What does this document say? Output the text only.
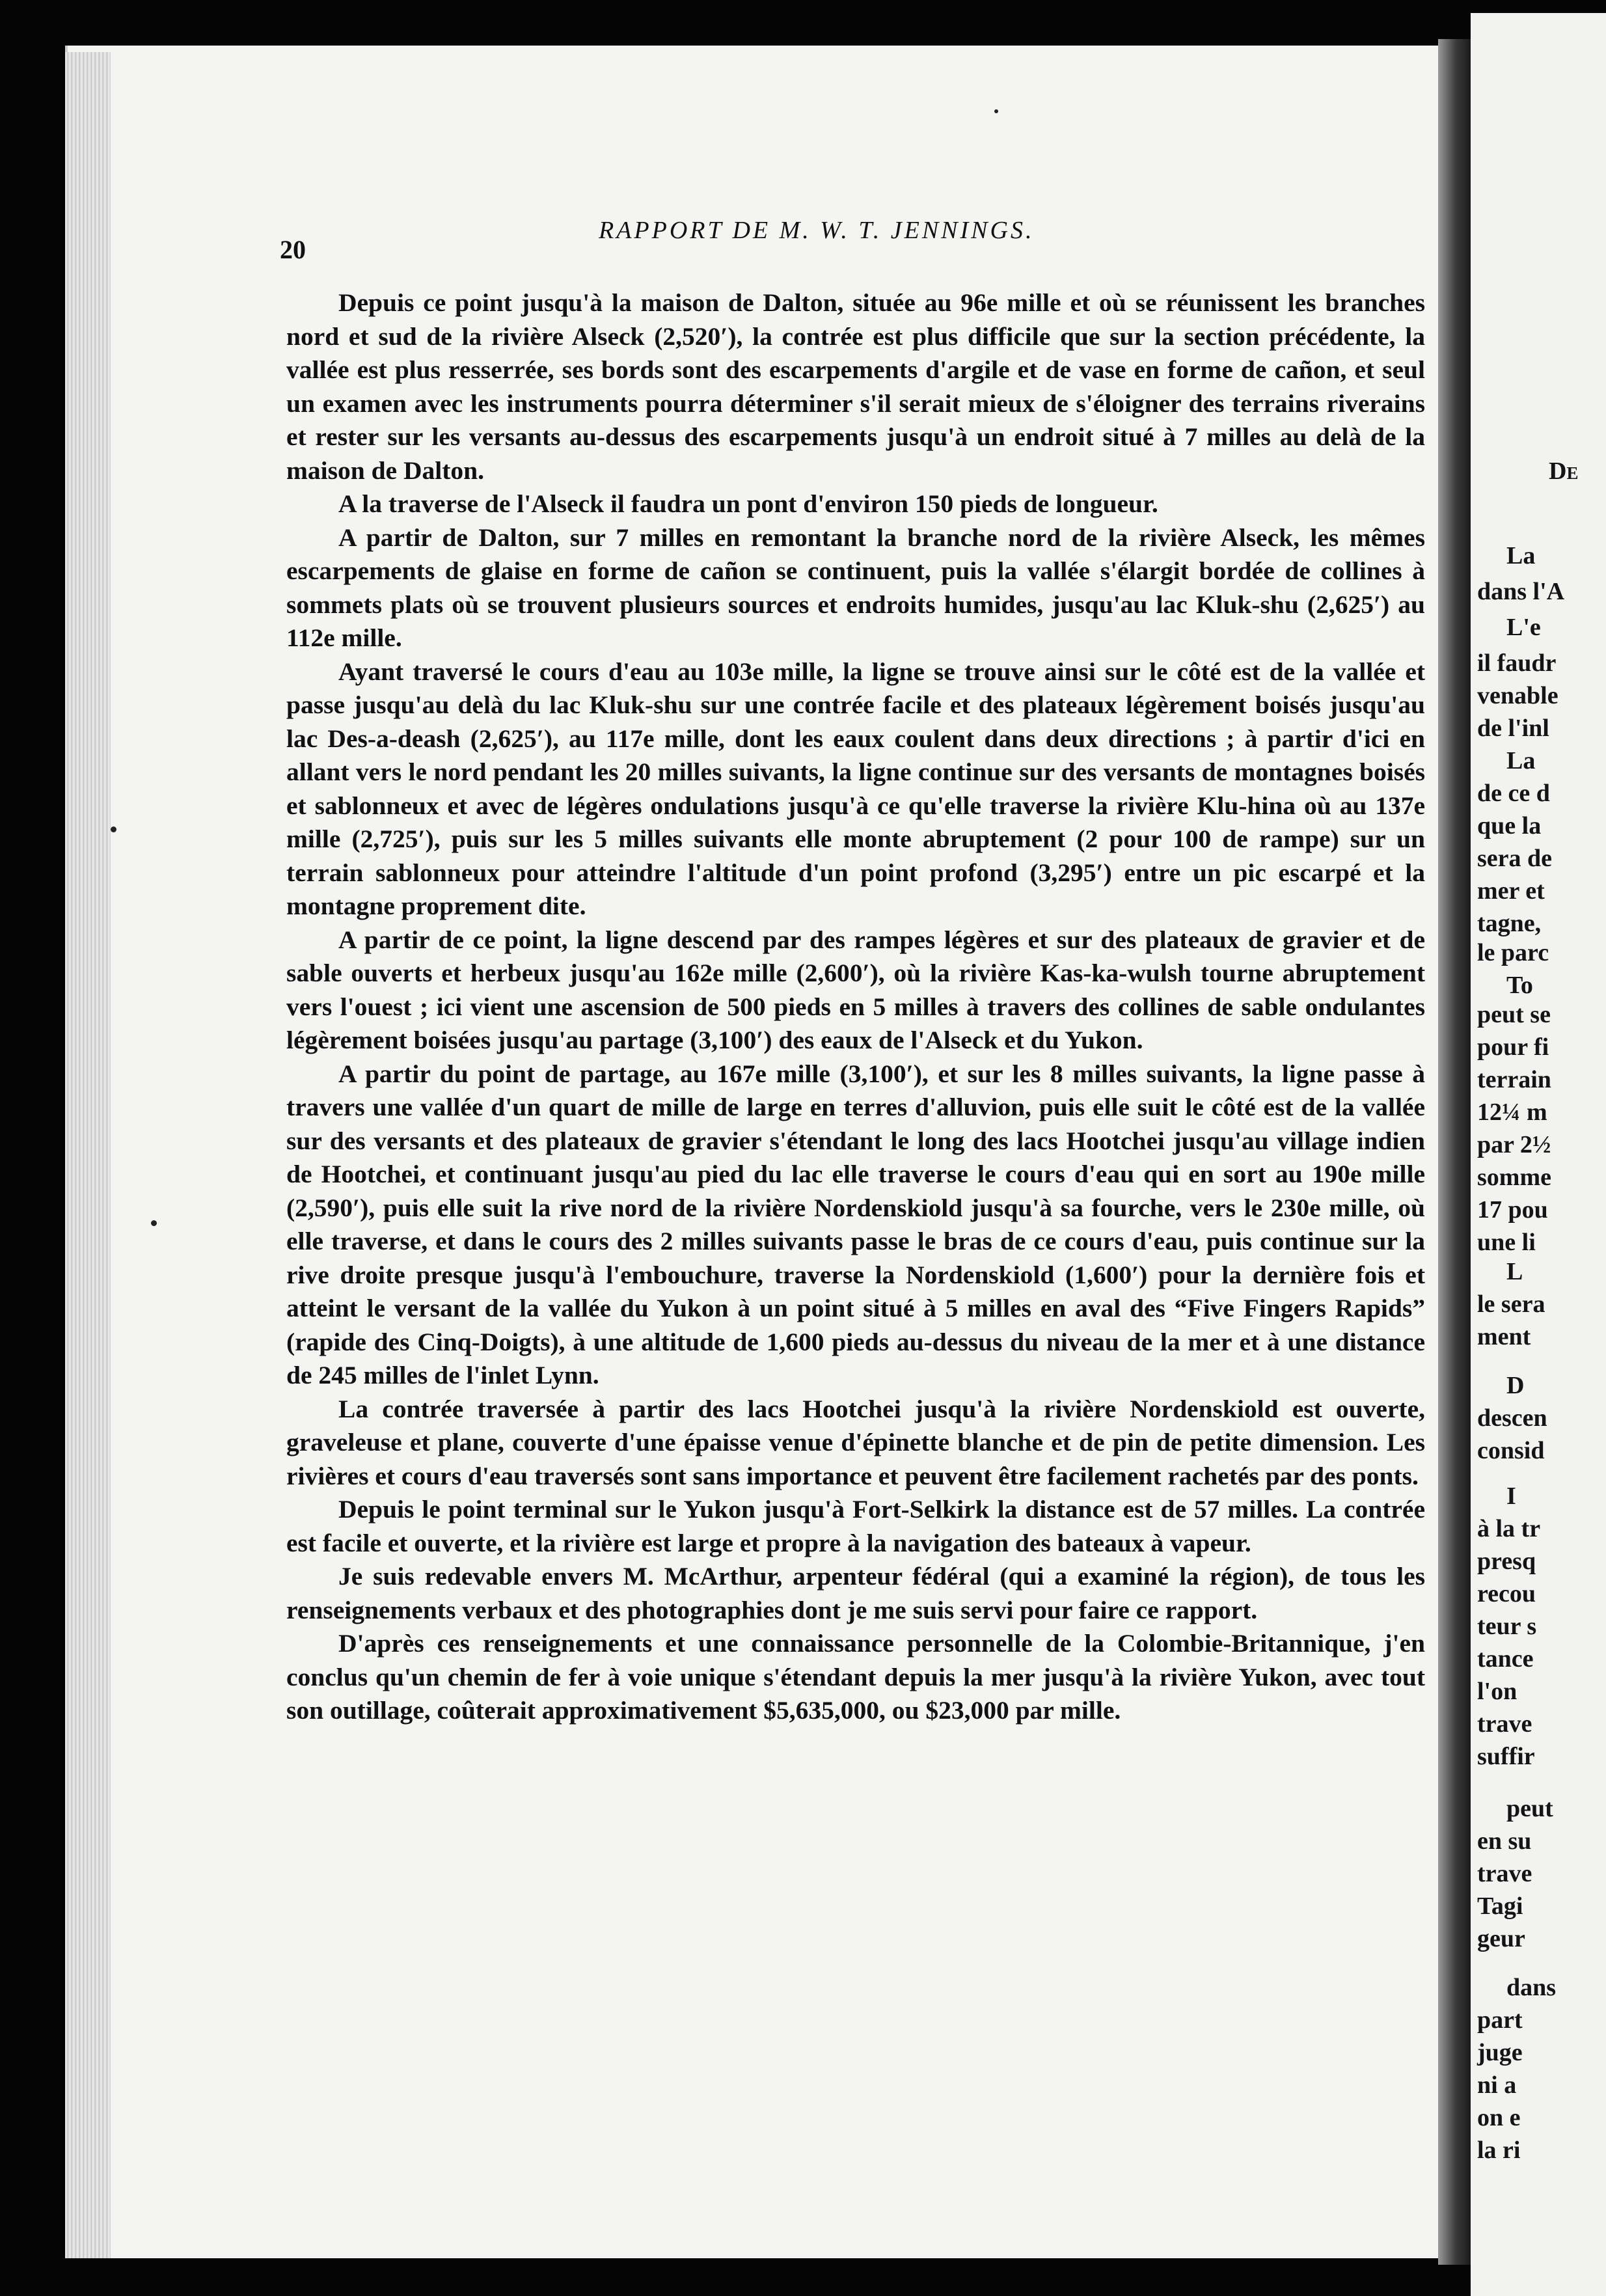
20
RAPPORT DE M. W. T. JENNINGS.

Depuis ce point jusqu'à la maison de Dalton, située au 96e mille et où se réunissent les branches nord et sud de la rivière Alseck (2,520′), la contrée est plus difficile que sur la section précédente, la vallée est plus resserrée, ses bords sont des escarpements d'argile et de vase en forme de cañon, et seul un examen avec les instruments pourra déterminer s'il serait mieux de s'éloigner des terrains riverains et rester sur les versants au-dessus des escarpements jusqu'à un endroit situé à 7 milles au delà de la maison de Dalton.

A la traverse de l'Alseck il faudra un pont d'environ 150 pieds de longueur.

A partir de Dalton, sur 7 milles en remontant la branche nord de la rivière Alseck, les mêmes escarpements de glaise en forme de cañon se continuent, puis la vallée s'élargit bordée de collines à sommets plats où se trouvent plusieurs sources et endroits humides, jusqu'au lac Kluk-shu (2,625′) au 112e mille.

Ayant traversé le cours d'eau au 103e mille, la ligne se trouve ainsi sur le côté est de la vallée et passe jusqu'au delà du lac Kluk-shu sur une contrée facile et des plateaux légèrement boisés jusqu'au lac Des-a-deash (2,625′), au 117e mille, dont les eaux coulent dans deux directions ; à partir d'ici en allant vers le nord pendant les 20 milles suivants, la ligne continue sur des versants de montagnes boisés et sablonneux et avec de légères ondulations jusqu'à ce qu'elle traverse la rivière Klu-hina où au 137e mille (2,725′), puis sur les 5 milles suivants elle monte abruptement (2 pour 100 de rampe) sur un terrain sablonneux pour atteindre l'altitude d'un point profond (3,295′) entre un pic escarpé et la montagne proprement dite.

A partir de ce point, la ligne descend par des rampes légères et sur des plateaux de gravier et de sable ouverts et herbeux jusqu'au 162e mille (2,600′), où la rivière Kas-ka-wulsh tourne abruptement vers l'ouest ; ici vient une ascension de 500 pieds en 5 milles à travers des collines de sable ondulantes légèrement boisées jusqu'au partage (3,100′) des eaux de l'Alseck et du Yukon.

A partir du point de partage, au 167e mille (3,100′), et sur les 8 milles suivants, la ligne passe à travers une vallée d'un quart de mille de large en terres d'alluvion, puis elle suit le côté est de la vallée sur des versants et des plateaux de gravier s'étendant le long des lacs Hootchei jusqu'au village indien de Hootchei, et continuant jusqu'au pied du lac elle traverse le cours d'eau qui en sort au 190e mille (2,590′), puis elle suit la rive nord de la rivière Nordenskiold jusqu'à sa fourche, vers le 230e mille, où elle traverse, et dans le cours des 2 milles suivants passe le bras de ce cours d'eau, puis continue sur la rive droite presque jusqu'à l'embouchure, traverse la Nordenskiold (1,600′) pour la dernière fois et atteint le versant de la vallée du Yukon à un point situé à 5 milles en aval des “Five Fingers Rapids” (rapide des Cinq-Doigts), à une altitude de 1,600 pieds au-dessus du niveau de la mer et à une distance de 245 milles de l'inlet Lynn.

La contrée traversée à partir des lacs Hootchei jusqu'à la rivière Nordenskiold est ouverte, graveleuse et plane, couverte d'une épaisse venue d'épinette blanche et de pin de petite dimension. Les rivières et cours d'eau traversés sont sans importance et peuvent être facilement rachetés par des ponts.

Depuis le point terminal sur le Yukon jusqu'à Fort-Selkirk la distance est de 57 milles. La contrée est facile et ouverte, et la rivière est large et propre à la navigation des bateaux à vapeur.

Je suis redevable envers M. McArthur, arpenteur fédéral (qui a examiné la région), de tous les renseignements verbaux et des photographies dont je me suis servi pour faire ce rapport.

D'après ces renseignements et une connaissance personnelle de la Colombie-Britannique, j'en conclus qu'un chemin de fer à voie unique s'étendant depuis la mer jusqu'à la rivière Yukon, avec tout son outillage, coûterait approximativement $5,635,000, ou $23,000 par mille.

De
La
dans l'A
L'e
il faudr
venable
de l'inl
La
de ce d
que la
sera de
mer et
tagne,
le parc
To
peut se
pour fi
terrain
12¼ m
par 2½
somme
17 pou
une li
L
le sera
ment
D
descen
consid
I
à la tr
presq
recou
teur s
tance
l'on
trave
suffir
peut
en su
trave
Tagi
geur
dans
part
juge
ni a
on e
la ri
